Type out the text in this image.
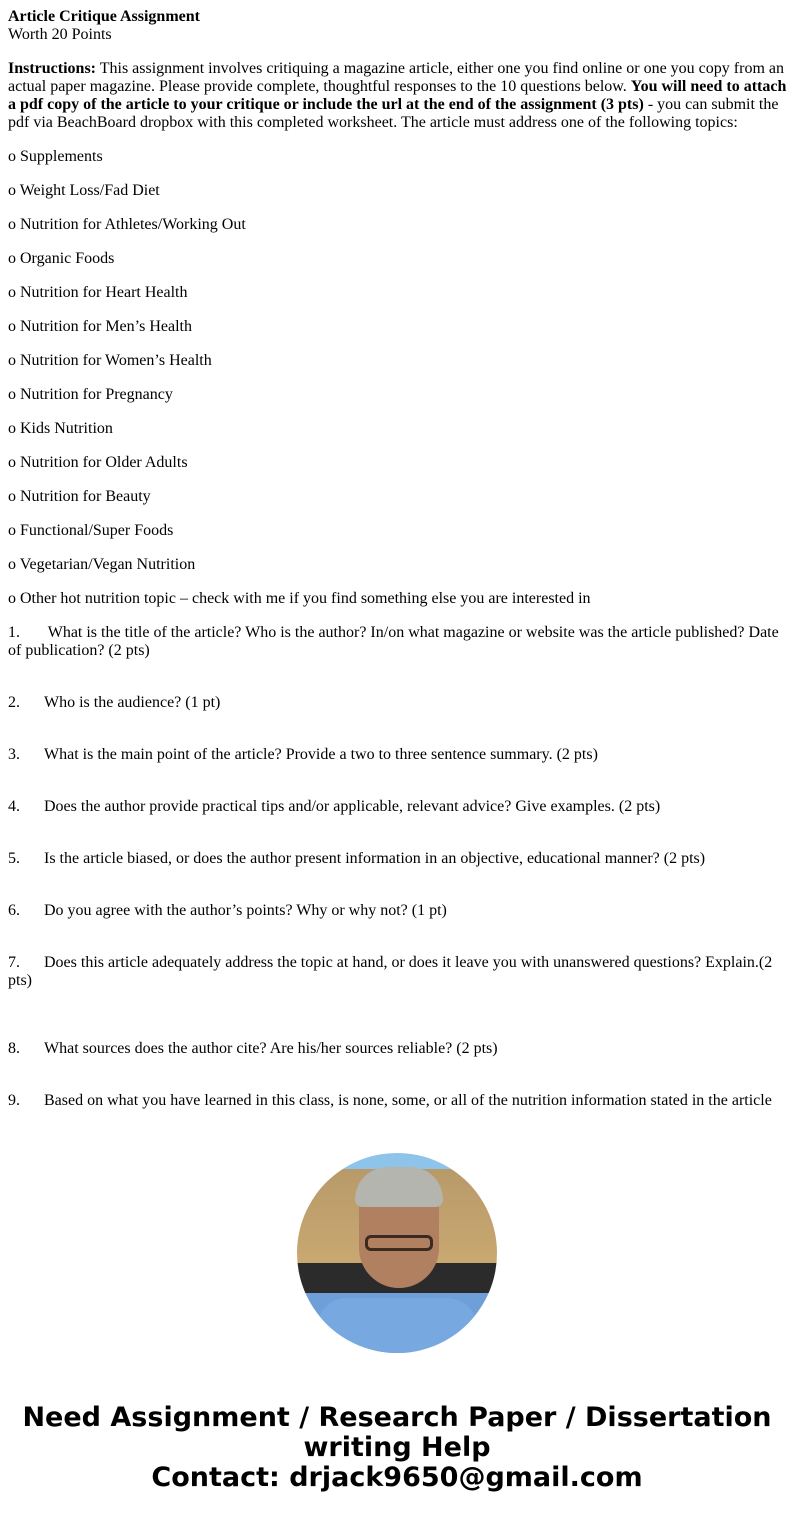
Article Critique Assignment
Worth 20 Points

Instructions: This assignment involves critiquing a magazine article, either one you find online or one you copy from an actual paper magazine. Please provide complete, thoughtful responses to the 10 questions below. You will need to attach a pdf copy of the article to your critique or include the url at the end of the assignment (3 pts) - you can submit the pdf via BeachBoard dropbox with this completed worksheet. The article must address one of the following topics:

o Supplements

o Weight Loss/Fad Diet

o Nutrition for Athletes/Working Out

o Organic Foods

o Nutrition for Heart Health

o Nutrition for Men’s Health

o Nutrition for Women’s Health

o Nutrition for Pregnancy

o Kids Nutrition

o Nutrition for Older Adults

o Nutrition for Beauty

o Functional/Super Foods

o Vegetarian/Vegan Nutrition

o Other hot nutrition topic – check with me if you find something else you are interested in

1. What is the title of the article? Who is the author? In/on what magazine or website was the article published? Date of publication? (2 pts)

2. Who is the audience? (1 pt)

3. What is the main point of the article? Provide a two to three sentence summary. (2 pts)

4. Does the author provide practical tips and/or applicable, relevant advice? Give examples. (2 pts)

5. Is the article biased, or does the author present information in an objective, educational manner? (2 pts)

6. Do you agree with the author’s points? Why or why not? (1 pt)

7. Does this article adequately address the topic at hand, or does it leave you with unanswered questions? Explain.(2 pts)

8. What sources does the author cite? Are his/her sources reliable? (2 pts)

9. Based on what you have learned in this class, is none, some, or all of the nutrition information stated in the article

Need Assignment / Research Paper / Dissertation writing Help
Contact: drjack9650@gmail.com
